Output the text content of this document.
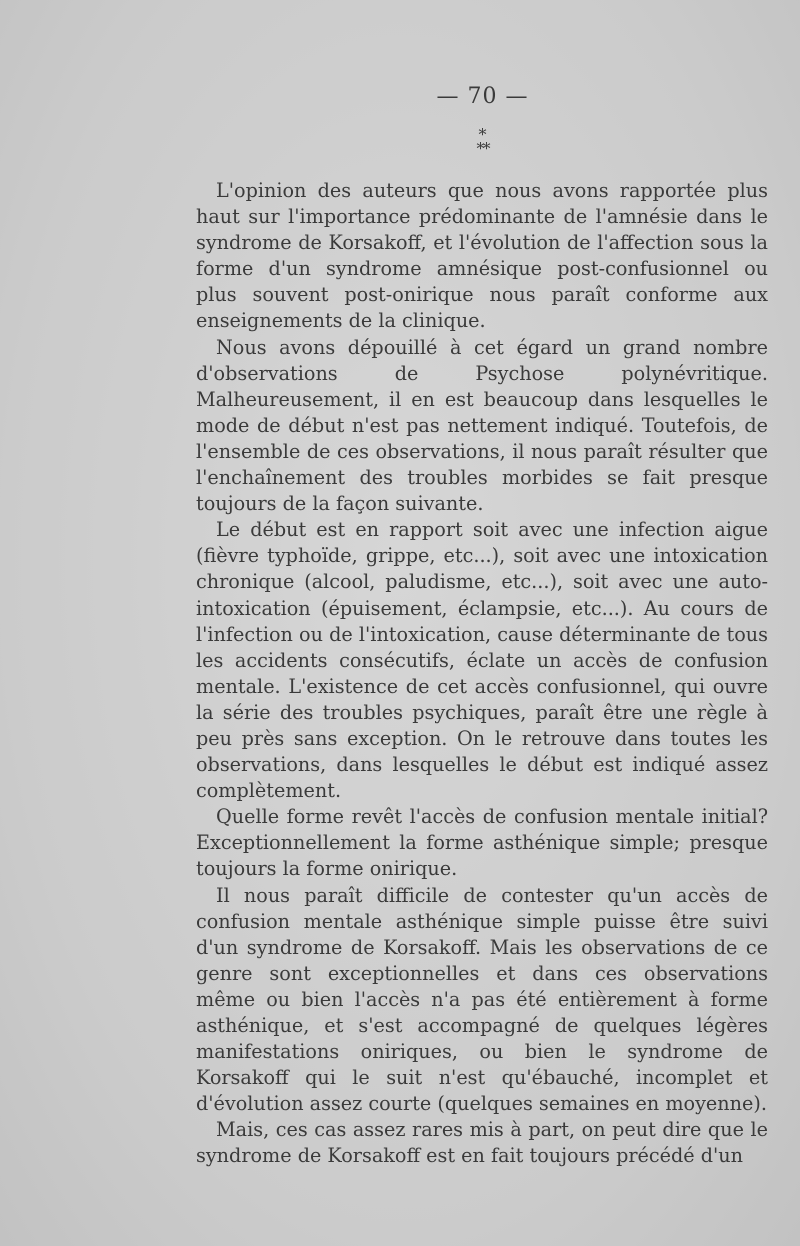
— 70 —
*
**

L'opinion des auteurs que nous avons rapportée plus haut sur l'importance prédominante de l'amnésie dans le syndrome de Korsakoff, et l'évolution de l'affection sous la forme d'un syndrome amnésique post-confusionnel ou plus souvent post-onirique nous paraît conforme aux enseignements de la clinique.

Nous avons dépouillé à cet égard un grand nombre d'observations de Psychose polynévritique. Malheureusement, il en est beaucoup dans lesquelles le mode de début n'est pas nettement indiqué. Toutefois, de l'ensemble de ces observations, il nous paraît résulter que l'enchaînement des troubles morbides se fait presque toujours de la façon suivante.

Le début est en rapport soit avec une infection aigue (fièvre typhoïde, grippe, etc...), soit avec une intoxication chronique (alcool, paludisme, etc...), soit avec une auto-intoxication (épuisement, éclampsie, etc...). Au cours de l'infection ou de l'intoxication, cause déterminante de tous les accidents consécutifs, éclate un accès de confusion mentale. L'existence de cet accès confusionnel, qui ouvre la série des troubles psychiques, paraît être une règle à peu près sans exception. On le retrouve dans toutes les observations, dans lesquelles le début est indiqué assez complètement.

Quelle forme revêt l'accès de confusion mentale initial? Exceptionnellement la forme asthénique simple; presque toujours la forme onirique.

Il nous paraît difficile de contester qu'un accès de confusion mentale asthénique simple puisse être suivi d'un syndrome de Korsakoff. Mais les observations de ce genre sont exceptionnelles et dans ces observations même ou bien l'accès n'a pas été entièrement à forme asthénique, et s'est accompagné de quelques légères manifestations oniriques, ou bien le syndrome de Korsakoff qui le suit n'est qu'ébauché, incomplet et d'évolution assez courte (quelques semaines en moyenne).

Mais, ces cas assez rares mis à part, on peut dire que le syndrome de Korsakoff est en fait toujours précédé d'un
